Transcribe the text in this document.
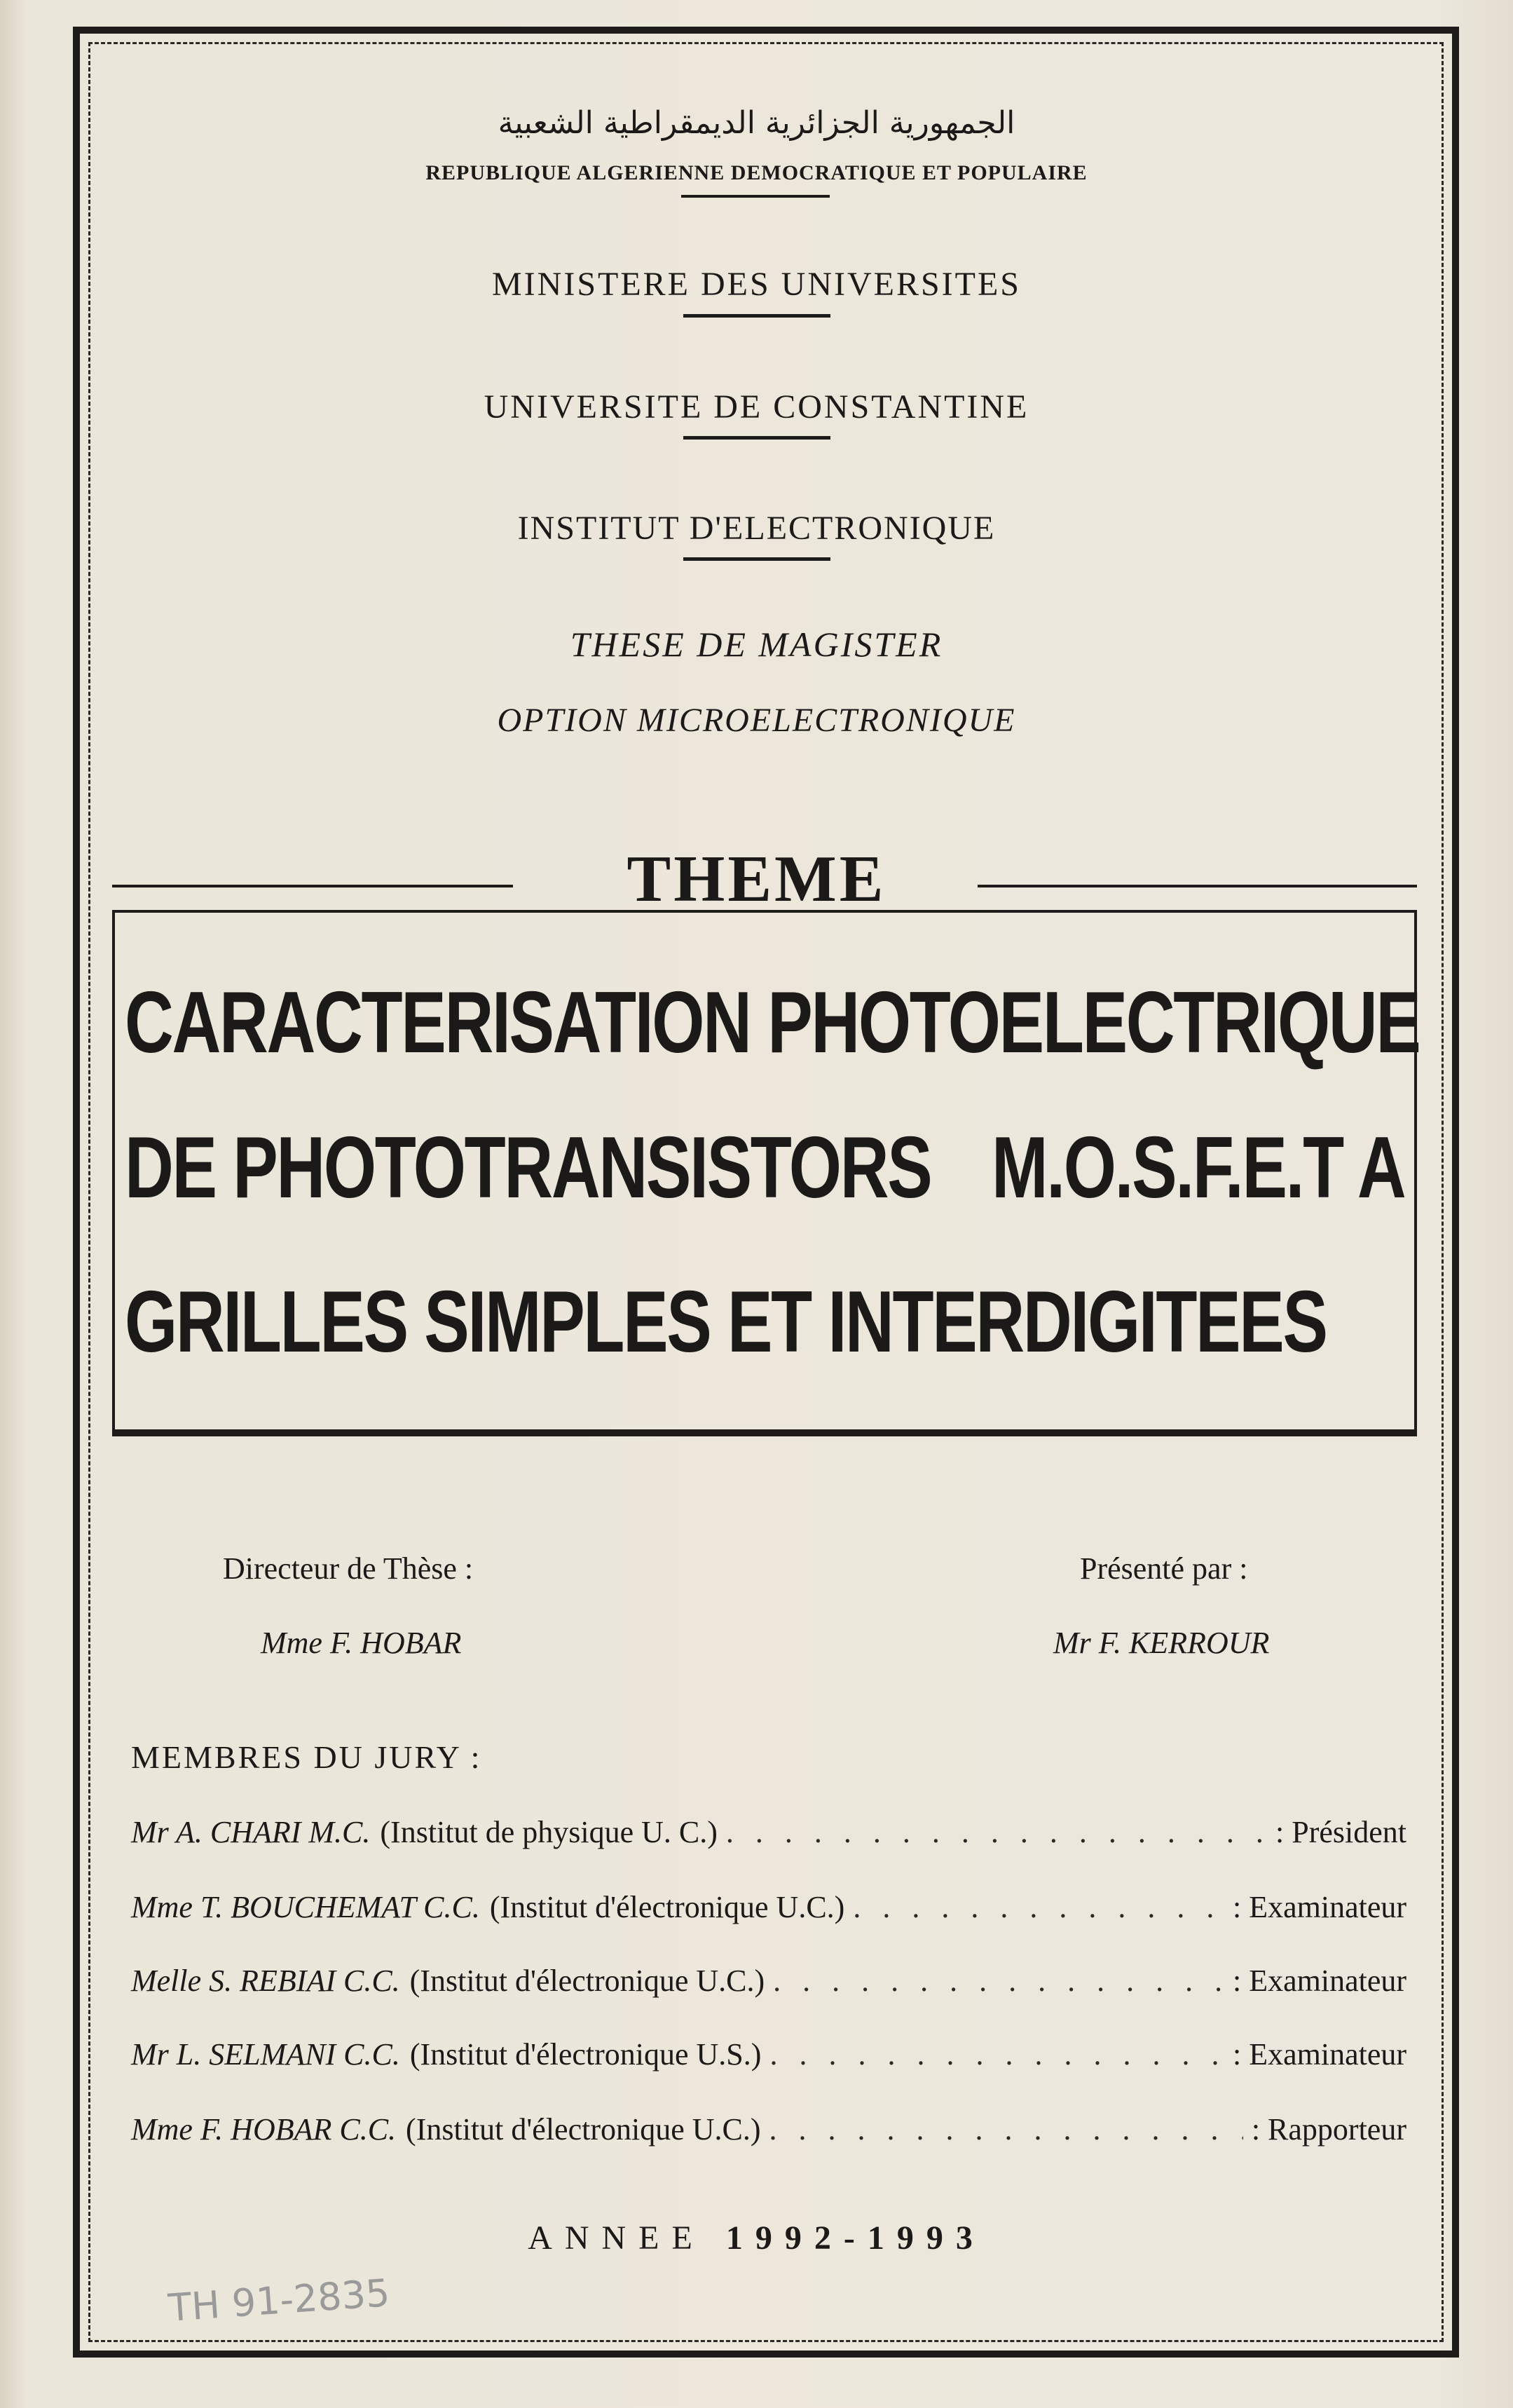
الجمهورية الجزائرية الديمقراطية الشعبية
REPUBLIQUE ALGERIENNE DEMOCRATIQUE ET POPULAIRE
MINISTERE DES UNIVERSITES
UNIVERSITE DE CONSTANTINE
INSTITUT D'ELECTRONIQUE
THESE DE MAGISTER
OPTION MICROELECTRONIQUE
THEME
CARACTERISATION PHOTOELECTRIQUE
DE PHOTOTRANSISTORS M.O.S.F.E.T A
GRILLES SIMPLES ET INTERDIGITEES
Directeur de Thèse :
Mme F. HOBAR
Présenté par :
Mr F. KERROUR
MEMBRES DU JURY :
Mr A. CHARI M.C. (Institut de physique U. C.) . . .	: Président
Mme T. BOUCHEMAT C.C. (Institut d'électronique U.C.) . . .	: Examinateur
Melle S. REBIAI C.C. (Institut d'électronique U.C.) . . .	: Examinateur
Mr L. SELMANI C.C. (Institut d'électronique U.S.) . . .	: Examinateur
Mme F. HOBAR C.C. (Institut d'électronique U.C.) . . .	: Rapporteur
ANNEE 1992-1993
TH 91-2835
